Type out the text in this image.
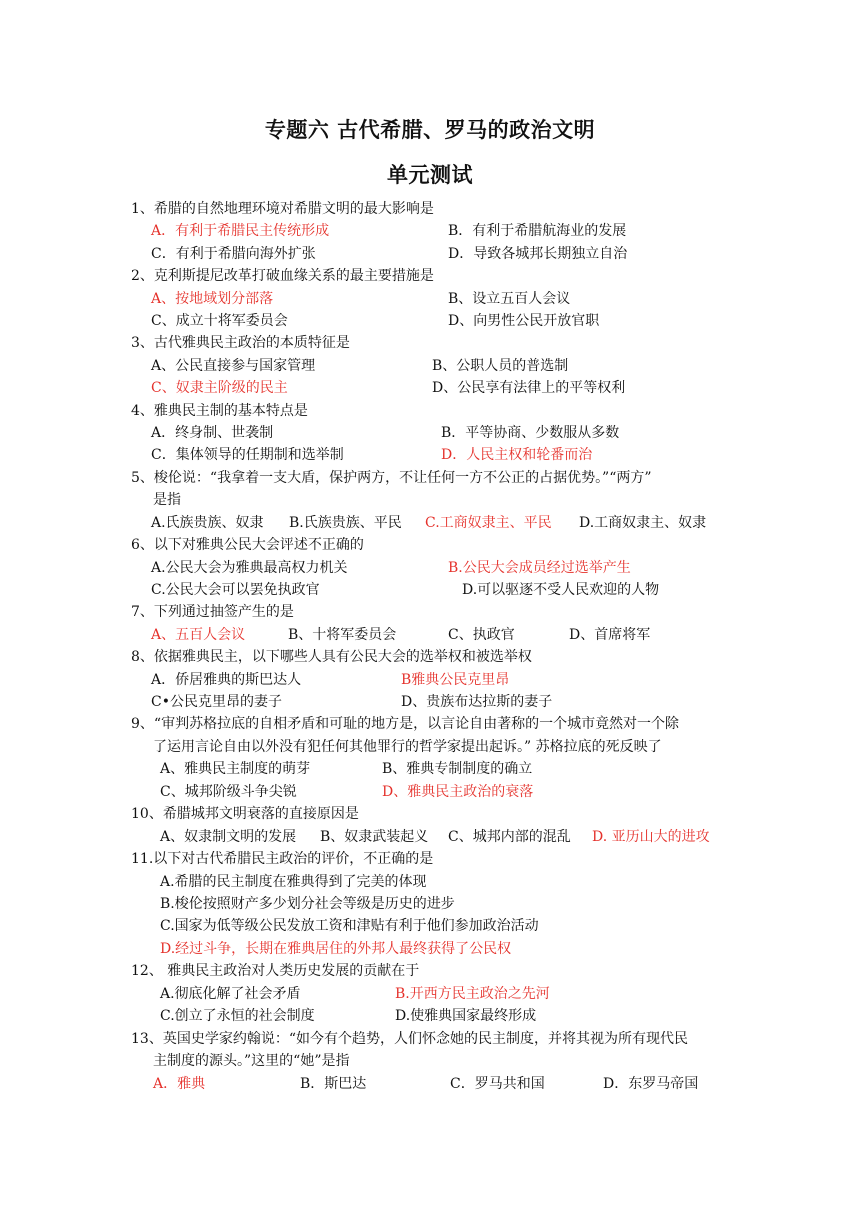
专题六 古代希腊、罗马的政治文明
单元测试
1、希腊的自然地理环境对希腊文明的最大影响是
A．有利于希腊民主传统形成	B．有利于希腊航海业的发展
C．有利于希腊向海外扩张	D．导致各城邦长期独立自治
2、克利斯提尼改革打破血缘关系的最主要措施是
A、按地域划分部落	B、设立五百人会议
C、成立十将军委员会	D、向男性公民开放官职
3、古代雅典民主政治的本质特征是
A、公民直接参与国家管理	B、公职人员的普选制
C、奴隶主阶级的民主	D、公民享有法律上的平等权利
4、雅典民主制的基本特点是
A．终身制、世袭制	B．平等协商、少数服从多数
C．集体领导的任期制和选举制	D．人民主权和轮番而治
5、梭伦说：“我拿着一支大盾，保护两方，不让任何一方不公正的占据优势。”“两方”
是指
A.氏族贵族、奴隶 B.氏族贵族、平民 C.工商奴隶主、平民 D.工商奴隶主、奴隶
6、以下对雅典公民大会评述不正确的
A.公民大会为雅典最高权力机关	B.公民大会成员经过选举产生
C.公民大会可以罢免执政官	D.可以驱逐不受人民欢迎的人物
7、下列通过抽签产生的是
A、五百人会议	B、十将军委员会	C、执政官	D、首席将军
8、依据雅典民主，以下哪些人具有公民大会的选举权和被选举权
A．侨居雅典的斯巴达人	B雅典公民克里昂
C•公民克里昂的妻子	D、贵族布达拉斯的妻子
9、“审判苏格拉底的自相矛盾和可耻的地方是，以言论自由著称的一个城市竟然对一个除
了运用言论自由以外没有犯任何其他罪行的哲学家提出起诉。” 苏格拉底的死反映了
A、雅典民主制度的萌芽	B、雅典专制制度的确立
C、城邦阶级斗争尖锐	D、雅典民主政治的衰落
10、希腊城邦文明衰落的直接原因是
A、奴隶制文明的发展 B、奴隶武装起义 C、城邦内部的混乱 D. 亚历山大的进攻
11.以下对古代希腊民主政治的评价，不正确的是
A.希腊的民主制度在雅典得到了完美的体现
B.梭伦按照财产多少划分社会等级是历史的进步
C.国家为低等级公民发放工资和津贴有利于他们参加政治活动
D.经过斗争，长期在雅典居住的外邦人最终获得了公民权
12、 雅典民主政治对人类历史发展的贡献在于
A.彻底化解了社会矛盾	B.开西方民主政治之先河
C.创立了永恒的社会制度	D.使雅典国家最终形成
13、英国史学家约翰说：“如今有个趋势，人们怀念她的民主制度，并将其视为所有现代民
主制度的源头。”这里的“她”是指
A．雅典	B．斯巴达	C．罗马共和国	D．东罗马帝国
